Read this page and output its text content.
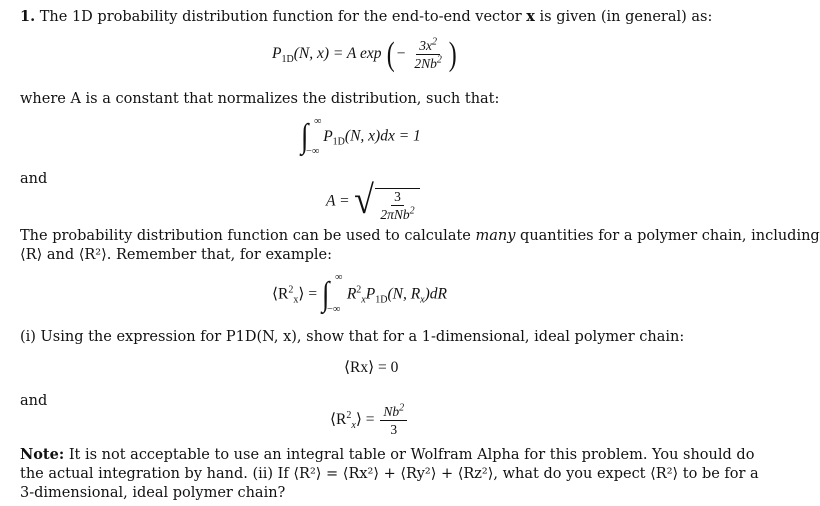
1. The 1D probability distribution function for the end-to-end vector x is given (in general) as:
$P_{1D}(N$, x) = A exp ( − $\frac{3x^2}{2Nb^2}$ )
where A is a constant that normalizes the distribution, such that:
∫ ∞
−∞
$P_{1D}(N$, x)dx = 1
and
A = √ $\frac{3}{2\pi Nb^2}$
The probability distribution function can be used to calculate many quantities for a polymer chain, including
⟨R⟩ and ⟨R²⟩. Remember that, for example:
$⟨R^2_x⟩$ = ∫ ∞
−∞
$R^2_xP_{1D}(N$, $R_x)dR$
(i) Using the expression for P1D(N, x), show that for a 1-dimensional, ideal polymer chain:
⟨Rx⟩ = 0
and
$⟨R^2_x⟩ = \frac{Nb^2}{3}$
Note: It is not acceptable to use an integral table or Wolfram Alpha for this problem. You should do
the actual integration by hand. (ii) If ⟨R²⟩ = ⟨Rx²⟩ + ⟨Ry²⟩ + ⟨Rz²⟩, what do you expect ⟨R²⟩ to be for a
3-dimensional, ideal polymer chain?
